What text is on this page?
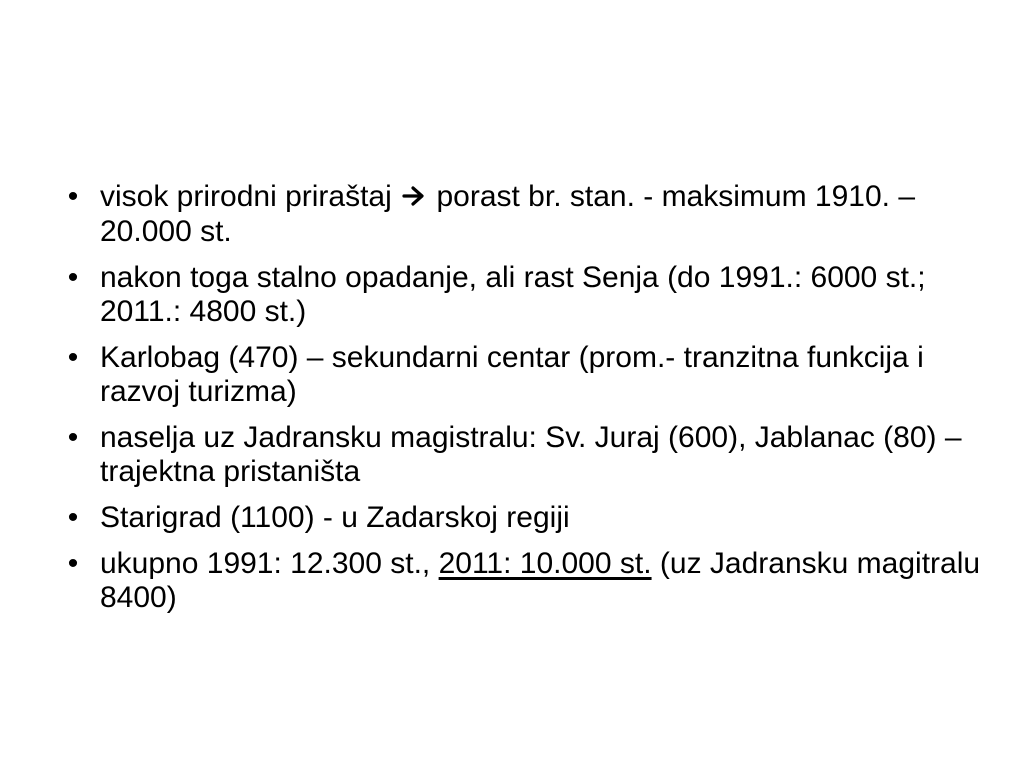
• visok prirodni priraštaj porast br. stan. - maksimum 1910. – 20.000 st.
• nakon toga stalno opadanje, ali rast Senja (do 1991.: 6000 st.; 2011.: 4800 st.)
• Karlobag (470) – sekundarni centar (prom.- tranzitna funkcija i razvoj turizma)
• naselja uz Jadransku magistralu: Sv. Juraj (600), Jablanac (80) – trajektna pristaništa
• Starigrad (1100) - u Zadarskoj regiji
• ukupno 1991: 12.300 st., 2011: 10.000 st. (uz Jadransku magitralu 8400)
